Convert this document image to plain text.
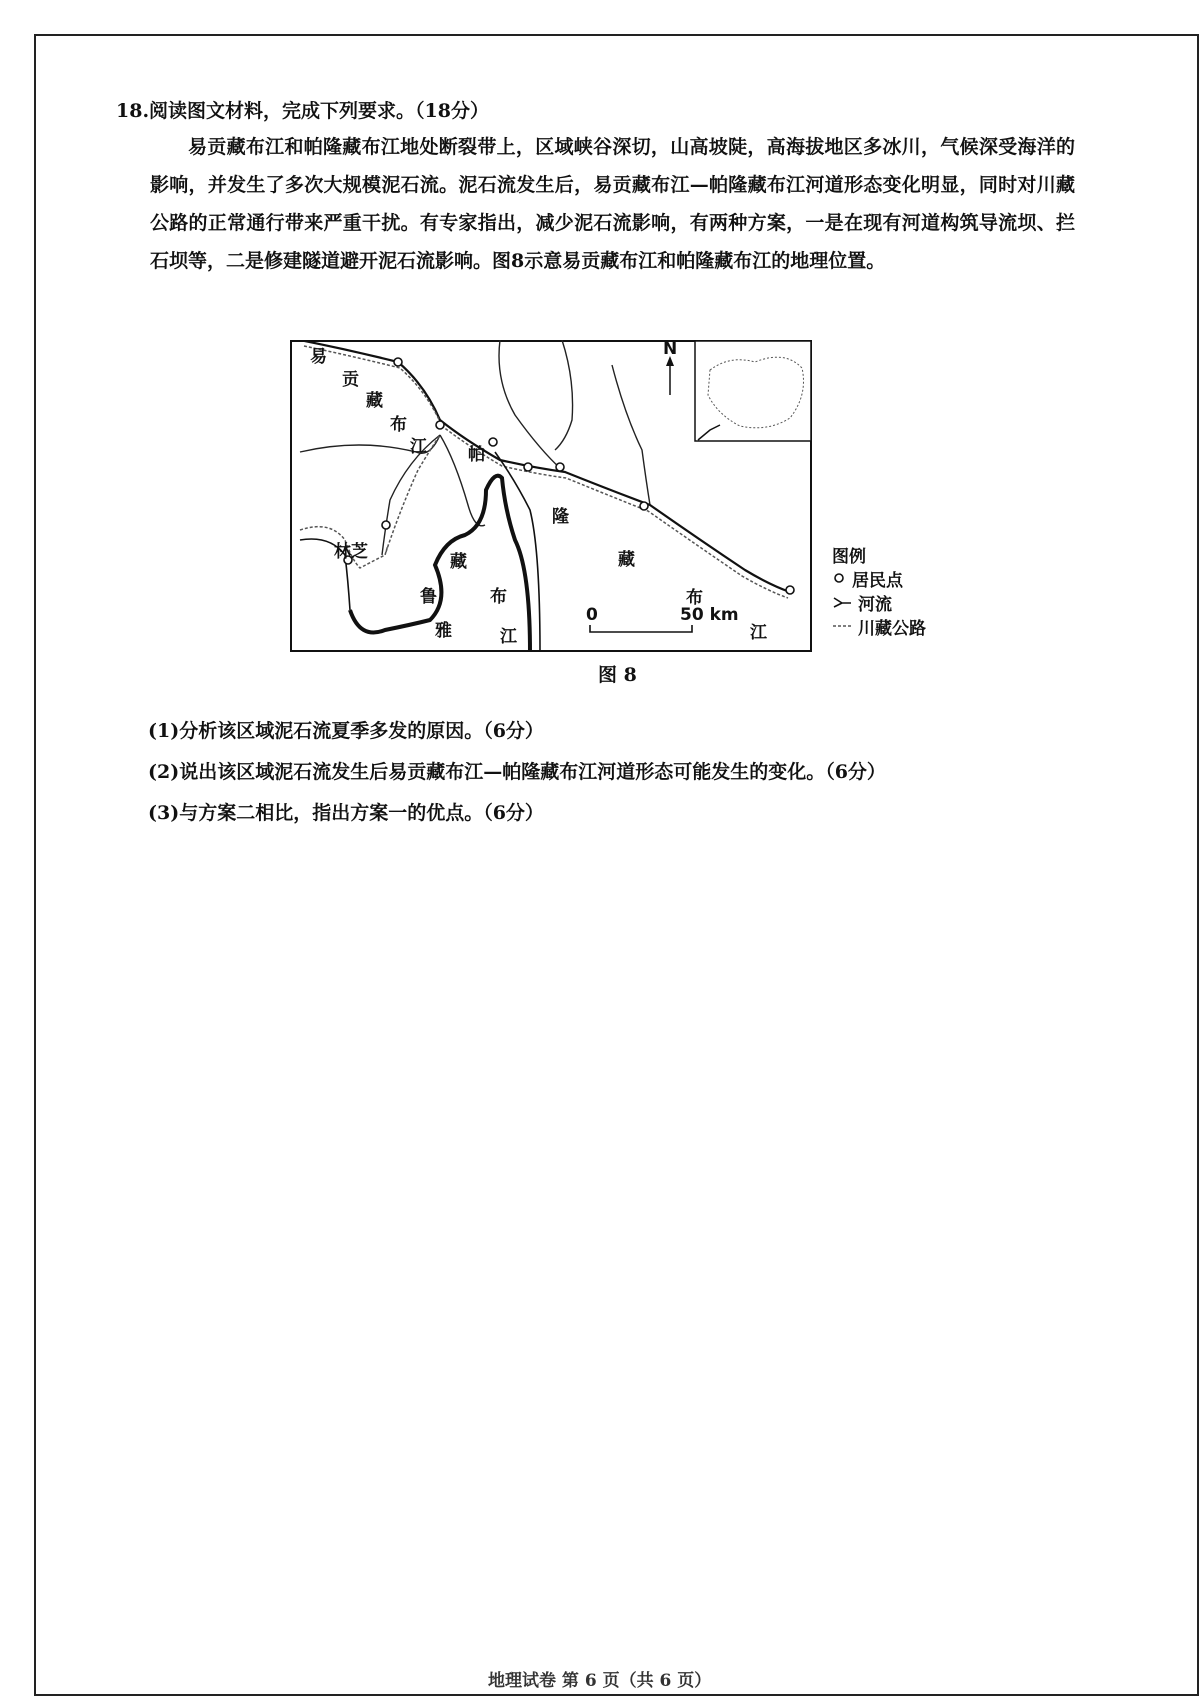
18.阅读图文材料，完成下列要求。（18分）
易贡藏布江和帕隆藏布江地处断裂带上，区域峡谷深切，山高坡陡，高海拔地区多冰川，气候深受海洋的影响，并发生了多次大规模泥石流。泥石流发生后，易贡藏布江—帕隆藏布江河道形态变化明显，同时对川藏公路的正常通行带来严重干扰。有专家指出，减少泥石流影响，有两种方案，一是在现有河道构筑导流坝、拦石坝等，二是修建隧道避开泥石流影响。图8示意易贡藏布江和帕隆藏布江的地理位置。
N
易
贡
藏
布
江 帕
隆
藏
布
江
藏
布
鲁
雅	江
林芝
0	50 km
图例
居民点
河流
川藏公路
图 8
(1)分析该区域泥石流夏季多发的原因。（6分）
(2)说出该区域泥石流发生后易贡藏布江—帕隆藏布江河道形态可能发生的变化。（6分）
(3)与方案二相比，指出方案一的优点。（6分）
地理试卷 第 6 页（共 6 页）
